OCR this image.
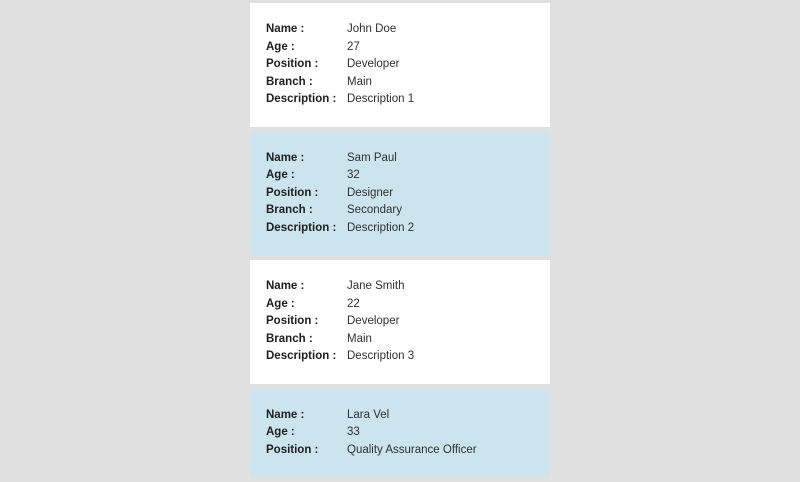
Name :	John Doe
Age :	27
Position :	Developer
Branch :	Main
Description : Description 1
Name :	Sam Paul
Age :	32
Position :	Designer
Branch :	Secondary
Description : Description 2
Name :	Jane Smith
Age :	22
Position :	Developer
Branch :	Main
Description : Description 3
Name :	Lara Vel
Age :	33
Position :	Quality Assurance Officer
